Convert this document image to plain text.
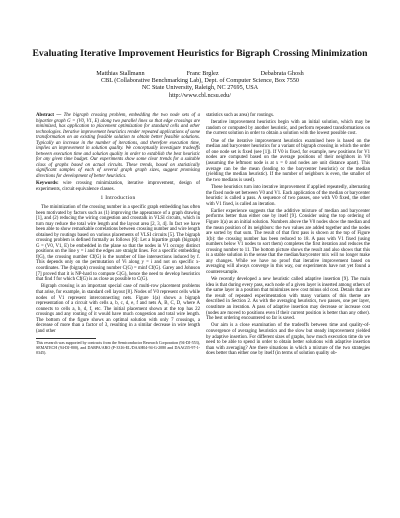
Evaluating Iterative Improvement Heuristics for Bigraph Crossing Minimization
Matthias Stallmann	Franc Brglez	Debabrata Ghosh
CBL (Collaborative Benchmarking Lab), Dept. of Computer Science, Box 7550
NC State University, Raleigh, NC 27695, USA
http://www.cbl.ncsu.edu/

Abstract — The bigraph crossing problem, embedding the two node sets of a bipartite graph G = (V0, V1, E) along two parallel lines so that edge crossings are minimized, has application to placement optimization for standard cells and other technologies. Iterative improvement heuristics render repeated applications of some transformation on an existing feasible solution to obtain better feasible solutions. Typically an increase in the number of iterations, and therefore execution time, implies an improvement in solution quality. We conceptually investigate tradeoffs between execution time and solution quality in order to establish the best heuristic for any given time budget. Our experiments show some clear trends for a suitable class of graphs based on actual circuits. These trends, based on statistically significant samples of each of several graph graph sizes, suggest promising directions for development of better heuristics.

Keywords: wire crossing minimization, iterative improvement, design of experiments, circuit equivalence classes.

1 Introduction

The minimization of the crossing number in a specific graph embedding has often been motivated by factors such as (1) improving the appearance of a graph drawing [1], and (2) reducing the wiring congestion and crosstalk in VLSI circuits, which in turn may reduce the total wire length and the layout area [2, 3, 4]. In fact we have been able to show remarkable correlations between crossing number and wire length obtained by routings based on various placements of VLSI circuits [5]. The bigraph crossing problem is defined formally as follows [6]: Let a bipartite graph (bigraph) G = (V0, V1, E) be embedded in the plane so that the nodes in V1 occupy distinct positions on the line y = i and the edges are straight lines. For a specific embedding f(G), the crossing number Cf(G) is the number of line intersections induced by f. This depends only on the permutation of Vi along y = i and not on specific x-coordinates. The (bigraph) crossing number C(G) = minf Cf(G). Garey and Johnson [7] proved that it is NP-hard to compute C(G), hence the need to develop heuristics that find f for which Cf(G) is as close as possible to C(G).

Bigraph crossing is an important special case of multi-row placement problems that arise, for example, in standard cell layout [8]. Nodes of V0 represent cells while nodes of V1 represent interconnecting nets. Figure 1(a) shows a bigraph representation of a circuit with cells a, b, c, d, e, f and nets A, B, C, D, where A connects to cells a, b, d, f, etc. The initial placement shown at the top has 22 crossings and any routing of it would have much congestion and total wire length. The bottom of the figure shows an optimal solution with only 7 crossings, a decrease of more than a factor of 3, resulting in a similar decrease in wire length (and other

This research was supported by contracts from the Semiconductor Research Corporation (94-DJ-553), SEMATECH (94-DJ-800), and DARPA/ARO (P-3316-EL/DAAH04-94-G-2080 and DAAG55-97-1-0345).

statistics such as area) for routings.

Iterative improvement heuristics begin with an initial solution, which may be random or computed by another heuristic, and perform repeated transformations on the current solution in order to obtain a solution with the lowest possible cost.

One of the iterative improvement heuristics examined here is based on the median and barycenter heuristics for a variant of bigraph crossing in which the order of one node set is fixed (see [1]). If V0 is fixed, for example, new positions for V1 nodes are computed based on the average positions of their neighbors in V0 (assuming the leftmost node is at x = 0 and nodes are unit distance apart). This average can be the mean (leading to the barycenter heuristic) or the median (yielding the median heuristic). If the number of neighbors is even, the smaller of the two medians is used).

These heuristics turn into iterative improvement if applied repeatedly, alternating the fixed node set between V0 and V1. Each application of the median or barycenter heuristic is called a pass. A sequence of two passes, one with V0 fixed, the other with V1 fixed, is called an iteration.

Earlier experience suggests that the additive mixture of median and barycenter performs better than either one by itself [9]. Consider using the top ordering of Figure 1(a) as an initial solution. Numbers above the V0 nodes show the median and the mean position of its neighbors: the two values are added together and the nodes are sorted by that sum. The result of that first pass is shown at the top of Figure 1(b): the crossing number has been reduced to 18. A pass with V1 fixed (using numbers below V1 nodes to sort them) completes the first iteration and reduces the crossing number to 11. The bottom picture shows the result and also shows that this is a stable solution in the sense that the median/barycenter mix will no longer make any changes. While we have no proof that iterative improvement based on averaging will always converge in this way, our experiments have not yet found a counterexample.

We recently developed a new heuristic called adaptive insertion [9]. The main idea is that during every pass, each node of a given layer is inserted among others of the same layer in a position that minimizes new cost minus old cost. Details that are the result of repeated experimentation with many variants of this theme are described in Section 2. As with the averaging heuristics, two passes, one per layer, constitute an iteration. A pass of adaptive insertion may decrease or increase cost (nodes are moved to positions even if their current position is better than any other). The best ordering encountered so far is saved.

Our aim is a close examination of the tradeoffs between time and quality-of-convergence of averaging heuristics and the slow but steady improvement yielded by adaptive insertion. For different sizes of graphs, how much execution time do we need to be able to spend in order to obtain better solutions with adaptive insertion than with averaging? Are there situations in which a mixture of the two strategies does better than either one by itself (in terms of solution quality ob-
